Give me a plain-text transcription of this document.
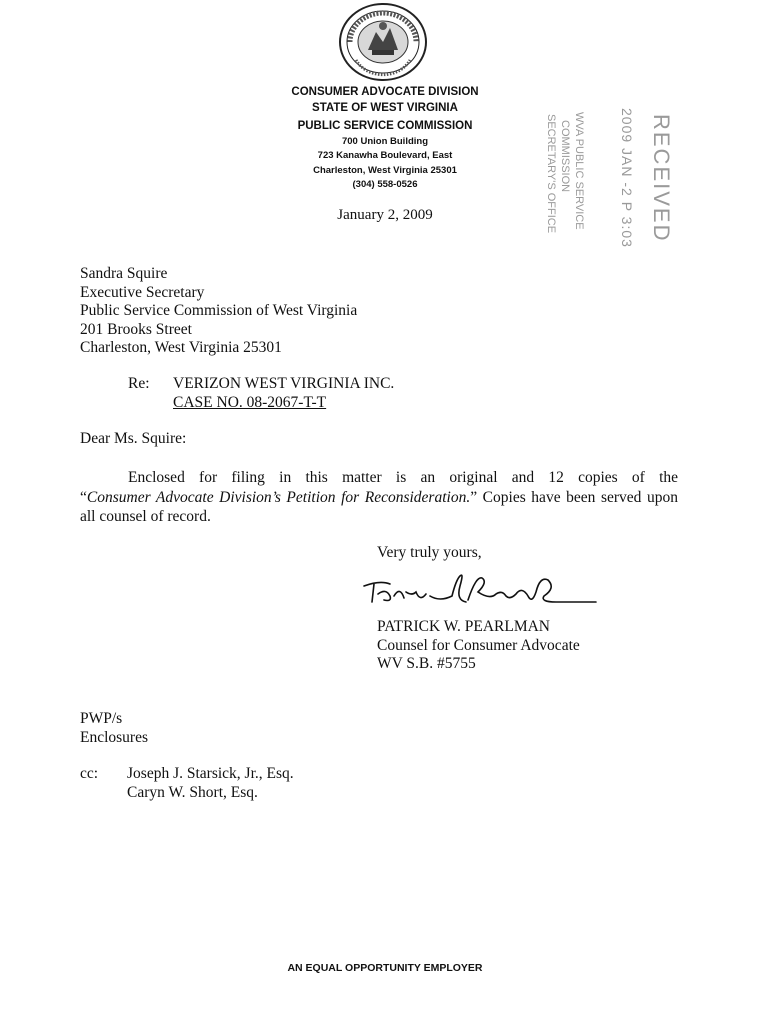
CONSUMER ADVOCATE DIVISION
STATE OF WEST VIRGINIA
PUBLIC SERVICE COMMISSION
700 Union Building
723 Kanawha Boulevard, East
Charleston, West Virginia 25301
(304) 558-0526
January 2, 2009	RECEIVED
2009 JAN -2 P 3:03
WVA PUBLIC SERVICE
COMMISSION
SECRETARY'S OFFICE
Sandra Squire
Executive Secretary
Public Service Commission of West Virginia
201 Brooks Street
Charleston, West Virginia 25301
Re: VERIZON WEST VIRGINIA INC.
CASE NO. 08-2067-T-T
Dear Ms. Squire:
Enclosed for filing in this matter is an original and 12 copies of the
“Consumer Advocate Division’s Petition for Reconsideration.” Copies have been served upon all counsel of record.
Very truly yours,
PATRICK W. PEARLMAN
Counsel for Consumer Advocate
WV S.B. #5755
PWP/s
Enclosures
cc: Joseph J. Starsick, Jr., Esq.
Caryn W. Short, Esq.
AN EQUAL OPPORTUNITY EMPLOYER
